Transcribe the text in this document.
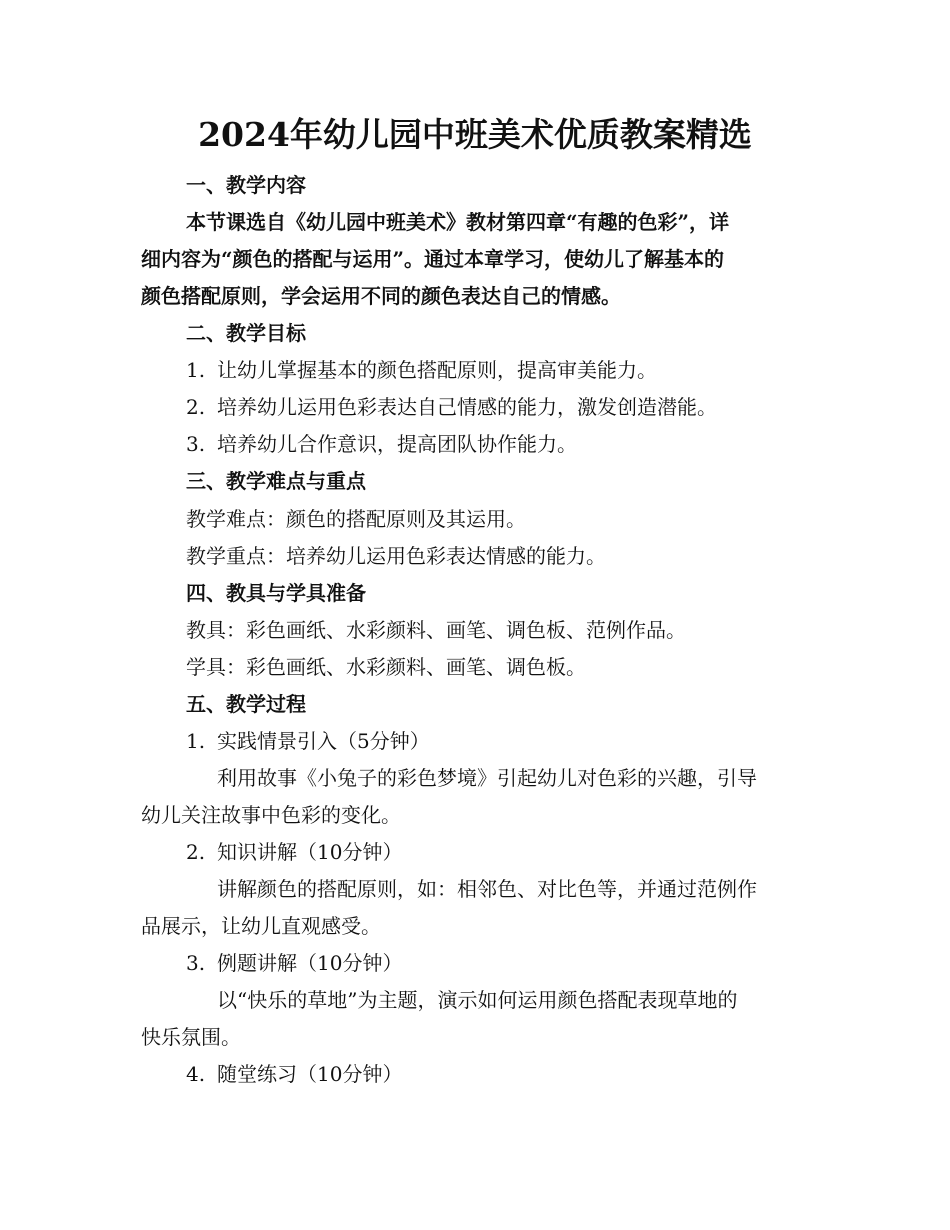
2024年幼儿园中班美术优质教案精选
一、教学内容
本节课选自《幼儿园中班美术》教材第四章“有趣的色彩”，详
细内容为“颜色的搭配与运用”。通过本章学习，使幼儿了解基本的
颜色搭配原则，学会运用不同的颜色表达自己的情感。
二、教学目标
1. 让幼儿掌握基本的颜色搭配原则，提高审美能力。
2. 培养幼儿运用色彩表达自己情感的能力，激发创造潜能。
3. 培养幼儿合作意识，提高团队协作能力。
三、教学难点与重点
教学难点：颜色的搭配原则及其运用。
教学重点：培养幼儿运用色彩表达情感的能力。
四、教具与学具准备
教具：彩色画纸、水彩颜料、画笔、调色板、范例作品。
学具：彩色画纸、水彩颜料、画笔、调色板。
五、教学过程
1. 实践情景引入（5分钟）
利用故事《小兔子的彩色梦境》引起幼儿对色彩的兴趣，引导
幼儿关注故事中色彩的变化。
2. 知识讲解（10分钟）
讲解颜色的搭配原则，如：相邻色、对比色等，并通过范例作
品展示，让幼儿直观感受。
3. 例题讲解（10分钟）
以“快乐的草地”为主题，演示如何运用颜色搭配表现草地的
快乐氛围。
4. 随堂练习（10分钟）
